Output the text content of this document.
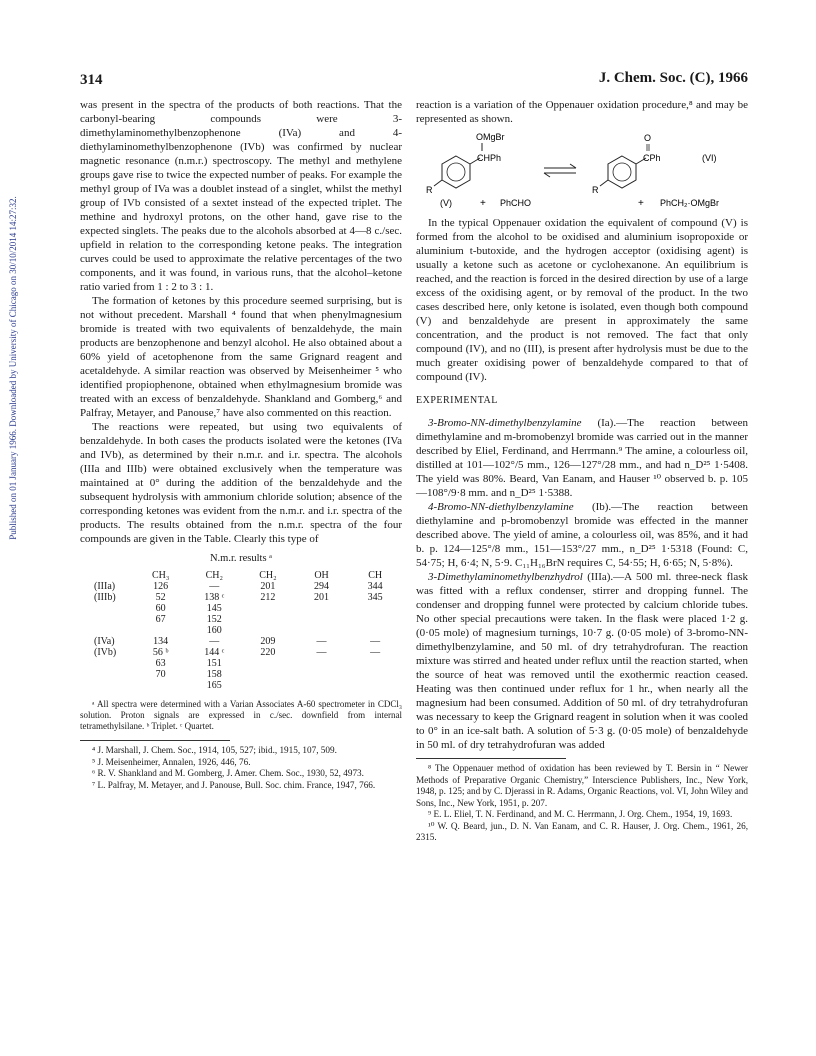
Published on 01 January 1966. Downloaded by University of Chicago on 30/10/2014 14:27:32.
314	J. Chem. Soc. (C), 1966

was present in the spectra of the products of both reactions. That the carbonyl-bearing compounds were 3-dimethylaminomethylbenzophenone (IVa) and 4-diethylaminomethylbenzophenone (IVb) was confirmed by nuclear magnetic resonance (n.m.r.) spectroscopy. The methyl and methylene groups gave rise to twice the expected number of peaks. For example the methyl group of IVa was a doublet instead of a singlet, whilst the methyl group of IVb consisted of a sextet instead of the expected triplet. The methine and hydroxyl protons, on the other hand, gave rise to the expected singlets. The peaks due to the alcohols absorbed at 4—8 c./sec. upfield in relation to the corresponding ketone peaks. The integration curves could be used to approximate the relative percentages of the two components, and it was found, in various runs, that the alcohol–ketone ratio varied from 1 : 2 to 3 : 1.

The formation of ketones by this procedure seemed surprising, but is not without precedent. Marshall ⁴ found that when phenylmagnesium bromide is treated with two equivalents of benzaldehyde, the main products are benzophenone and benzyl alcohol. He also obtained about a 60% yield of acetophenone from the same Grignard reagent and acetaldehyde. A similar reaction was observed by Meisenheimer ⁵ who identified propiophenone, obtained when ethylmagnesium bromide was treated with an excess of benzaldehyde. Shankland and Gomberg,⁶ and Palfray, Metayer, and Panouse,⁷ have also commented on this reaction.

The reactions were repeated, but using two equivalents of benzaldehyde. In both cases the products isolated were the ketones (IVa and IVb), as determined by their n.m.r. and i.r. spectra. The alcohols (IIIa and IIIb) were obtained exclusively when the temperature was maintained at 0° during the addition of the benzaldehyde and the subsequent hydrolysis with ammonium chloride solution; absence of the corresponding ketones was evident from the n.m.r. and i.r. spectra of the products. The results obtained from the n.m.r. spectra of the four compounds are given in the Table. Clearly this type of

N.m.r. results ᵃ
	CH₃	CH₂	CH₂	OH	CH
(IIIa)	126	—	201	294	344
(IIIb)	52	138 ᶜ	212	201	345
	60	145			
	67	152			
		160			
(IVa)	134	—	209	—	—
(IVb)	56 ᵇ	144 ᶜ	220	—	—
	63	151			
	70	158			
		165			
ᵃ All spectra were determined with a Varian Associates A-60 spectrometer in CDCl₃ solution. Proton signals are expressed in c./sec. downfield from internal tetramethylsilane. ᵇ Triplet. ᶜ Quartet.

⁴ J. Marshall, J. Chem. Soc., 1914, 105, 527; ibid., 1915, 107, 509.

⁵ J. Meisenheimer, Annalen, 1926, 446, 76.

⁶ R. V. Shankland and M. Gomberg, J. Amer. Chem. Soc., 1930, 52, 4973.

⁷ L. Palfray, M. Metayer, and J. Panouse, Bull. Soc. chim. France, 1947, 766.

reaction is a variation of the Oppenauer oxidation procedure,⁸ and may be represented as shown.

OMgBr
CHPh
R
(V)	+ PhCHO
O
CPh
R
(VI)
+ PhCH₂·OMgBr

In the typical Oppenauer oxidation the equivalent of compound (V) is formed from the alcohol to be oxidised and aluminium isopropoxide or aluminium t-butoxide, and the hydrogen acceptor (oxidising agent) is usually a ketone such as acetone or cyclohexanone. An equilibrium is reached, and the reaction is forced in the desired direction by use of a large excess of the oxidising agent, or by removal of the product. In the two cases described here, only ketone is isolated, even though both compound (V) and benzaldehyde are present in approximately the same concentration, and the product is not removed. The fact that only compound (IV), and no (III), is present after hydrolysis must be due to the much greater oxidising power of benzaldehyde compared to that of compound (IV).

EXPERIMENTAL

3-Bromo-NN-dimethylbenzylamine (Ia).—The reaction between dimethylamine and m-bromobenzyl bromide was carried out in the manner described by Eliel, Ferdinand, and Herrmann.⁹ The amine, a colourless oil, distilled at 101—102°/5 mm., 126—127°/28 mm., and had n_D²⁵ 1·5408. The yield was 80%. Beard, Van Eanam, and Hauser ¹⁰ observed b. p. 105—108°/9·8 mm. and n_D²⁵ 1·5388.

4-Bromo-NN-diethylbenzylamine (Ib).—The reaction between diethylamine and p-bromobenzyl bromide was effected in the manner described above. The yield of amine, a colourless oil, was 85%, and it had b. p. 124—125°/8 mm., 151—153°/27 mm., n_D²⁵ 1·5318 (Found: C, 54·75; H, 6·4; N, 5·9. C₁₁H₁₆BrN requires C, 54·55; H, 6·65; N, 5·8%).

3-Dimethylaminomethylbenzhydrol (IIIa).—A 500 ml. three-neck flask was fitted with a reflux condenser, stirrer and dropping funnel. The condenser and dropping funnel were protected by calcium chloride tubes. No other special precautions were taken. In the flask were placed 1·2 g. (0·05 mole) of magnesium turnings, 10·7 g. (0·05 mole) of 3-bromo-NN-dimethylbenzylamine, and 50 ml. of dry tetrahydrofuran. The reaction mixture was stirred and heated under reflux until the reaction started, when the source of heat was removed until the exothermic reaction ceased. Heating was then continued under reflux for 1 hr., when nearly all the magnesium had been consumed. Addition of 50 ml. of dry tetrahydrofuran was necessary to keep the Grignard reagent in solution when it was cooled to 0° in an ice-salt bath. A solution of 5·3 g. (0·05 mole) of benzaldehyde in 50 ml. of dry tetrahydrofuran was added

⁸ The Oppenauer method of oxidation has been reviewed by T. Bersin in “ Newer Methods of Preparative Organic Chemistry,” Interscience Publishers, Inc., New York, 1948, p. 125; and by C. Djerassi in R. Adams, Organic Reactions, vol. VI, John Wiley and Sons, Inc., New York, 1951, p. 207.

⁹ E. L. Eliel, T. N. Ferdinand, and M. C. Herrmann, J. Org. Chem., 1954, 19, 1693.

¹⁰ W. Q. Beard, jun., D. N. Van Eanam, and C. R. Hauser, J. Org. Chem., 1961, 26, 2315.
